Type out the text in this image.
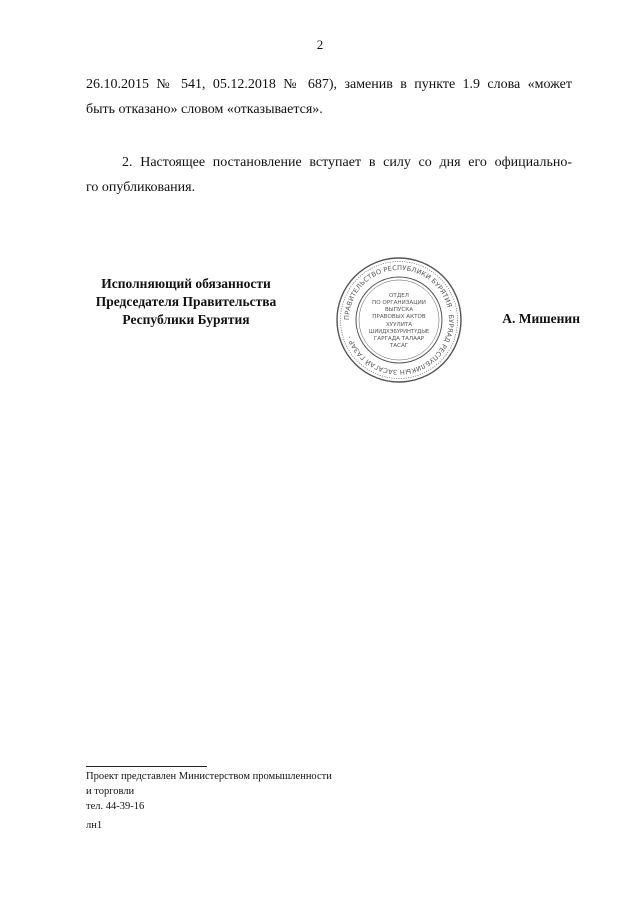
2
26.10.2015 № 541, 05.12.2018 № 687), заменив в пункте 1.9 слова «может
быть отказано» словом «отказывается».
2. Настоящее постановление вступает в силу со дня его официально-
го опубликования.
Исполняющий обязанности
Председателя Правительства
Республики Бурятия	ПРАВИТЕЛЬСТВО РЕСПУБЛИКИ БУРЯТИЯ · БУРЯАД РЕСПУБЛИКЫН ЗАСАГАЙ ГАЗАР ·
ОТДЕЛ
ПО ОРГАНИЗАЦИИ
ВЫПУСКА
ПРАВОВЫХ АКТОВ
ХУУЛИТА
ШИИДХЭБҮРИНТҮДЫЕ
ГАРГАДА ТАЛААР
ТАСАГ
А. Мишенин
Проект представлен Министерством промышленности
и торговли
тел. 44-39-16
лн1
